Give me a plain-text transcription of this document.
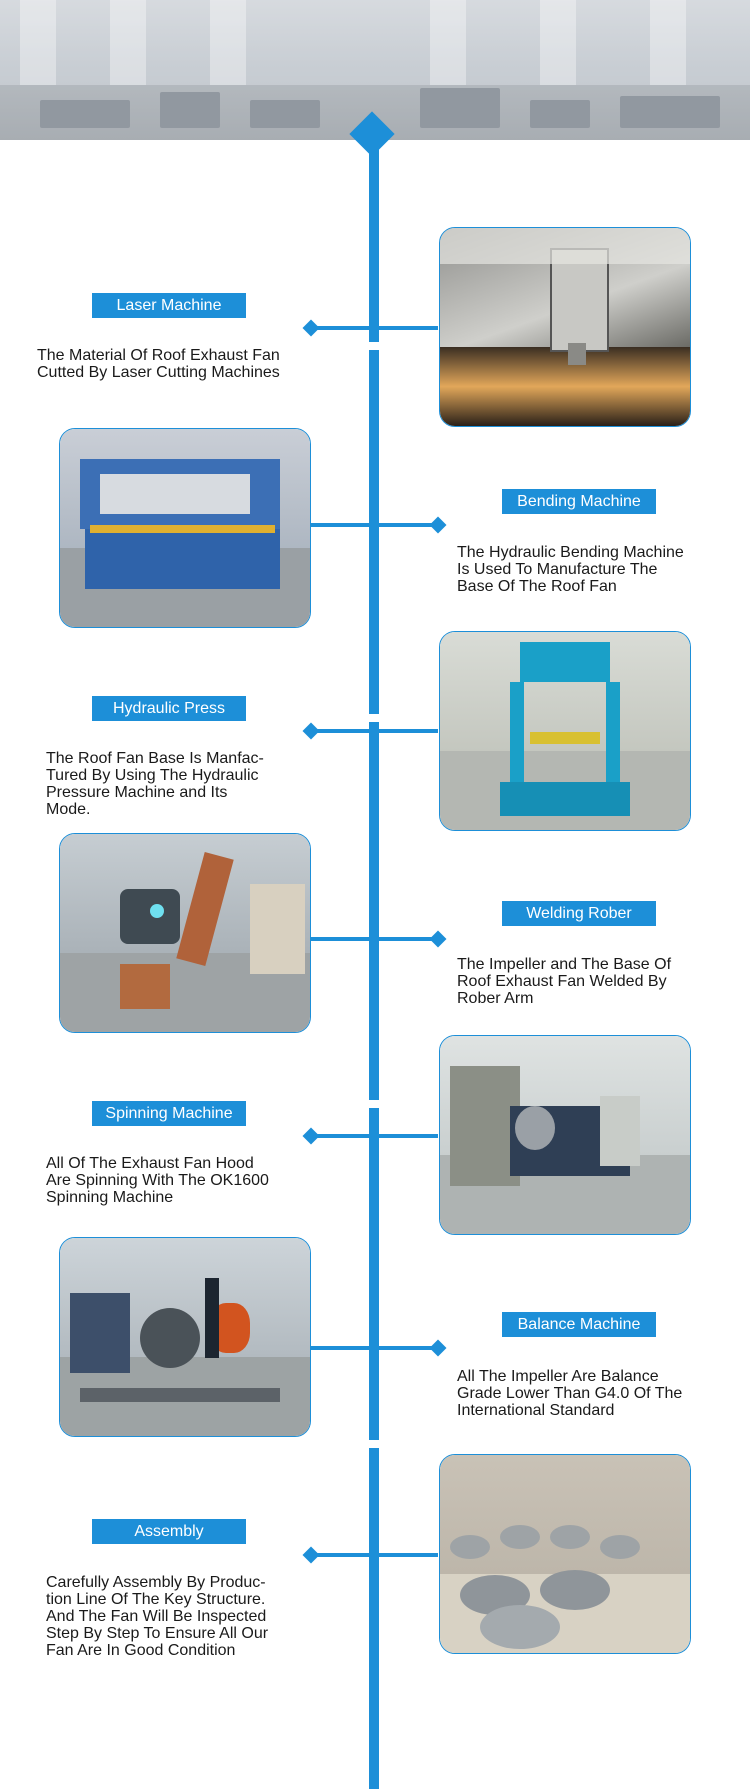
Laser Machine
The Material Of Roof Exhaust Fan
Cutted By Laser Cutting Machines
Bending Machine
The Hydraulic Bending Machine
Is Used To Manufacture The
Base Of The Roof Fan
Hydraulic Press
The Roof Fan Base Is Manfac-
Tured By Using The Hydraulic
Pressure Machine and Its
Mode.
Welding Rober
The Impeller and The Base Of
Roof Exhaust Fan Welded By
Rober Arm
Spinning Machine
All Of The Exhaust Fan Hood
Are Spinning With The OK1600
Spinning Machine
Balance Machine
All The Impeller Are Balance
Grade Lower Than G4.0 Of The
International Standard
Assembly
Carefully Assembly By Produc-
tion Line Of The Key Structure.
And The Fan Will Be Inspected
Step By Step To Ensure All Our
Fan Are In Good Condition
